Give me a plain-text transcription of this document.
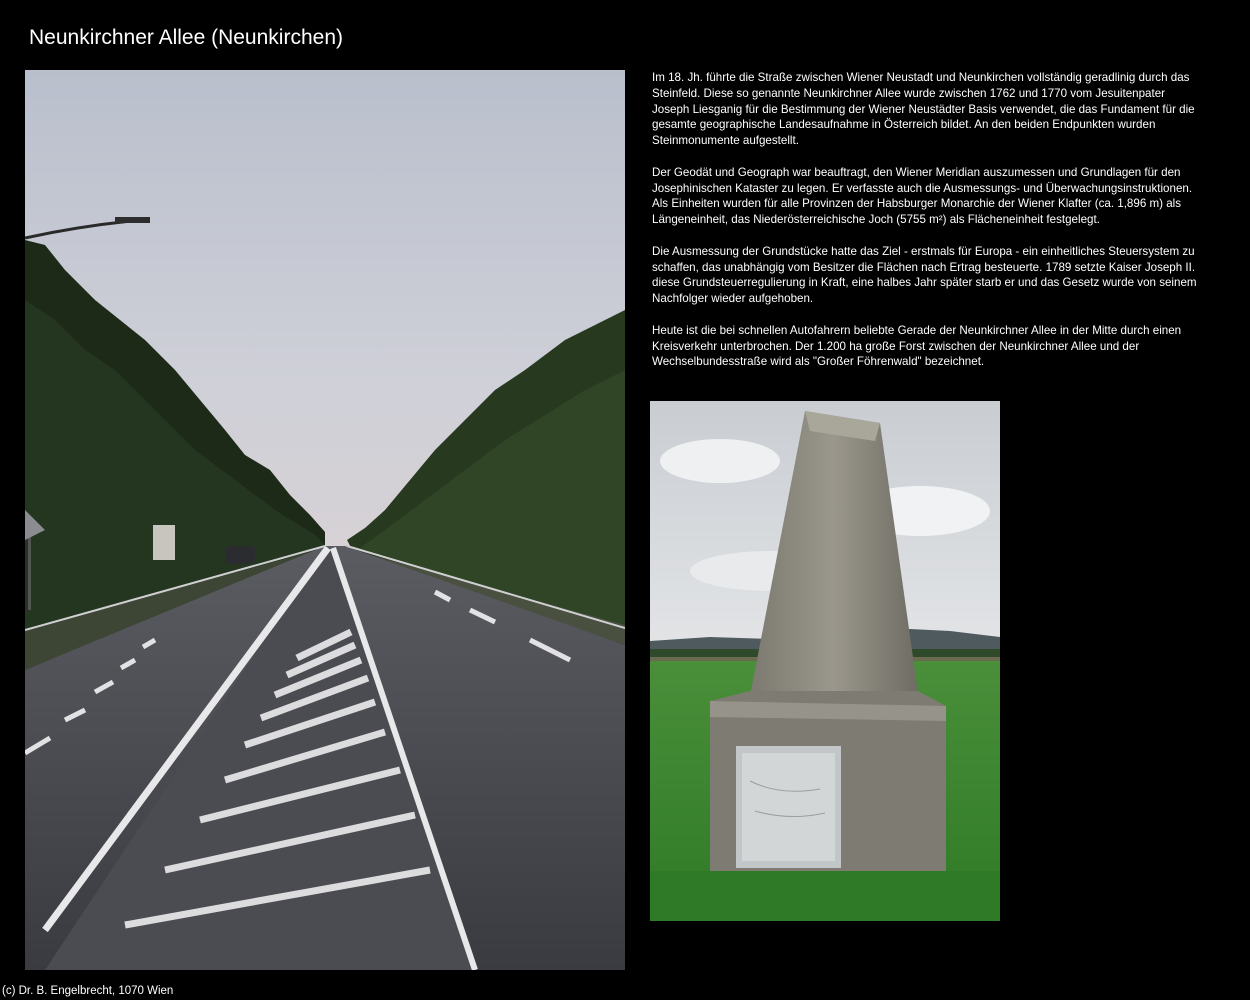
Neunkirchner Allee (Neunkirchen)

Im 18. Jh. führte die Straße zwischen Wiener Neustadt und Neunkirchen vollständig geradlinig durch das Steinfeld. Diese so genannte Neunkirchner Allee wurde zwischen 1762 und 1770 vom Jesuitenpater Joseph Liesganig für die Bestimmung der Wiener Neustädter Basis verwendet, die das Fundament für die gesamte geographische Landesaufnahme in Österreich bildet. An den beiden Endpunkten wurden Steinmonumente aufgestellt.

Der Geodät und Geograph war beauftragt, den Wiener Meridian auszumessen und Grundlagen für den Josephinischen Kataster zu legen. Er verfasste auch die Ausmessungs- und Überwachungsinstruktionen. Als Einheiten wurden für alle Provinzen der Habsburger Monarchie der Wiener Klafter (ca. 1,896 m) als Längeneinheit, das Niederösterreichische Joch (5755 m²) als Flächeneinheit festgelegt.

Die Ausmessung der Grundstücke hatte das Ziel - erstmals für Europa - ein einheitliches Steuersystem zu schaffen, das unabhängig vom Besitzer die Flächen nach Ertrag besteuerte. 1789 setzte Kaiser Joseph II. diese Grundsteuerregulierung in Kraft, eine halbes Jahr später starb er und das Gesetz wurde von seinem Nachfolger wieder aufgehoben.

Heute ist die bei schnellen Autofahrern beliebte Gerade der Neunkirchner Allee in der Mitte durch einen Kreisverkehr unterbrochen. Der 1.200 ha große Forst zwischen der Neunkirchner Allee und der Wechselbundesstraße wird als "Großer Föhrenwald" bezeichnet.

(c) Dr. B. Engelbrecht, 1070 Wien
